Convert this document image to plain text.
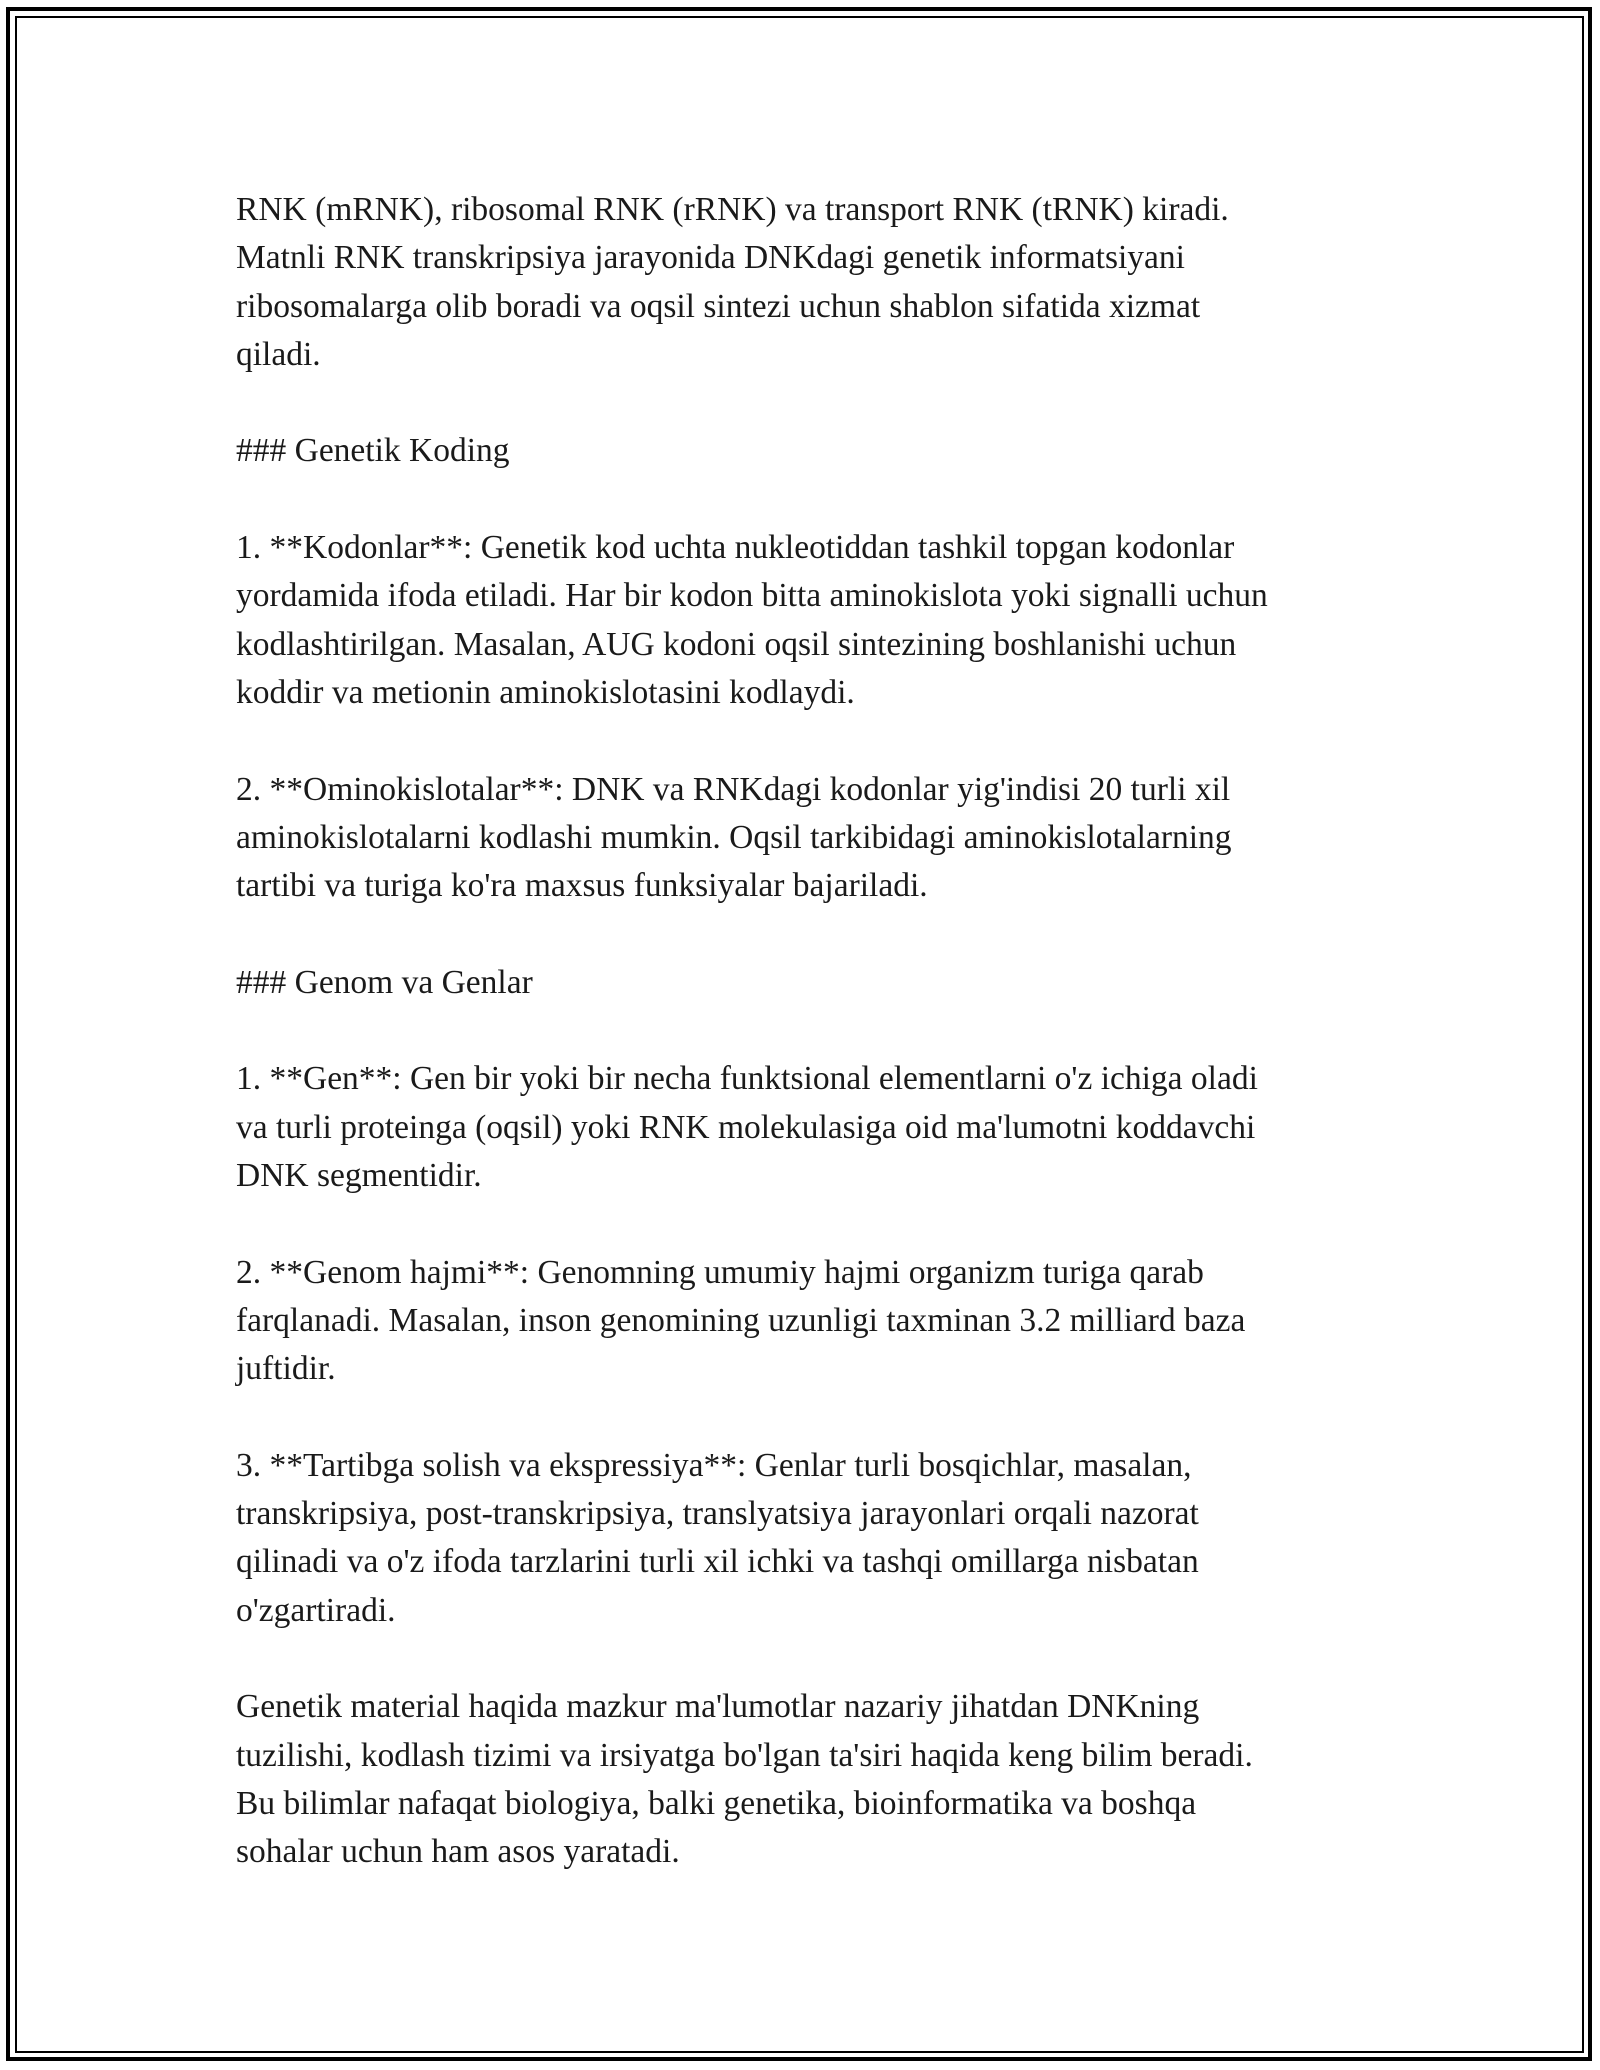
RNK (mRNK), ribosomal RNK (rRNK) va transport RNK (tRNK) kiradi.
Matnli RNK transkripsiya jarayonida DNKdagi genetik informatsiyani
ribosomalarga olib boradi va oqsil sintezi uchun shablon sifatida xizmat
qiladi.

### Genetik Koding

1. **Kodonlar**: Genetik kod uchta nukleotiddan tashkil topgan kodonlar
yordamida ifoda etiladi. Har bir kodon bitta aminokislota yoki signalli uchun
kodlashtirilgan. Masalan, AUG kodoni oqsil sintezining boshlanishi uchun
koddir va metionin aminokislotasini kodlaydi.

2. **Ominokislotalar**: DNK va RNKdagi kodonlar yig'indisi 20 turli xil
aminokislotalarni kodlashi mumkin. Oqsil tarkibidagi aminokislotalarning
tartibi va turiga ko'ra maxsus funksiyalar bajariladi.

### Genom va Genlar

1. **Gen**: Gen bir yoki bir necha funktsional elementlarni o'z ichiga oladi
va turli proteinga (oqsil) yoki RNK molekulasiga oid ma'lumotni koddavchi
DNK segmentidir.

2. **Genom hajmi**: Genomning umumiy hajmi organizm turiga qarab
farqlanadi. Masalan, inson genomining uzunligi taxminan 3.2 milliard baza
juftidir.

3. **Tartibga solish va ekspressiya**: Genlar turli bosqichlar, masalan,
transkripsiya, post-transkripsiya, translyatsiya jarayonlari orqali nazorat
qilinadi va o'z ifoda tarzlarini turli xil ichki va tashqi omillarga nisbatan
o'zgartiradi.

Genetik material haqida mazkur ma'lumotlar nazariy jihatdan DNKning
tuzilishi, kodlash tizimi va irsiyatga bo'lgan ta'siri haqida keng bilim beradi.
Bu bilimlar nafaqat biologiya, balki genetika, bioinformatika va boshqa
sohalar uchun ham asos yaratadi.
